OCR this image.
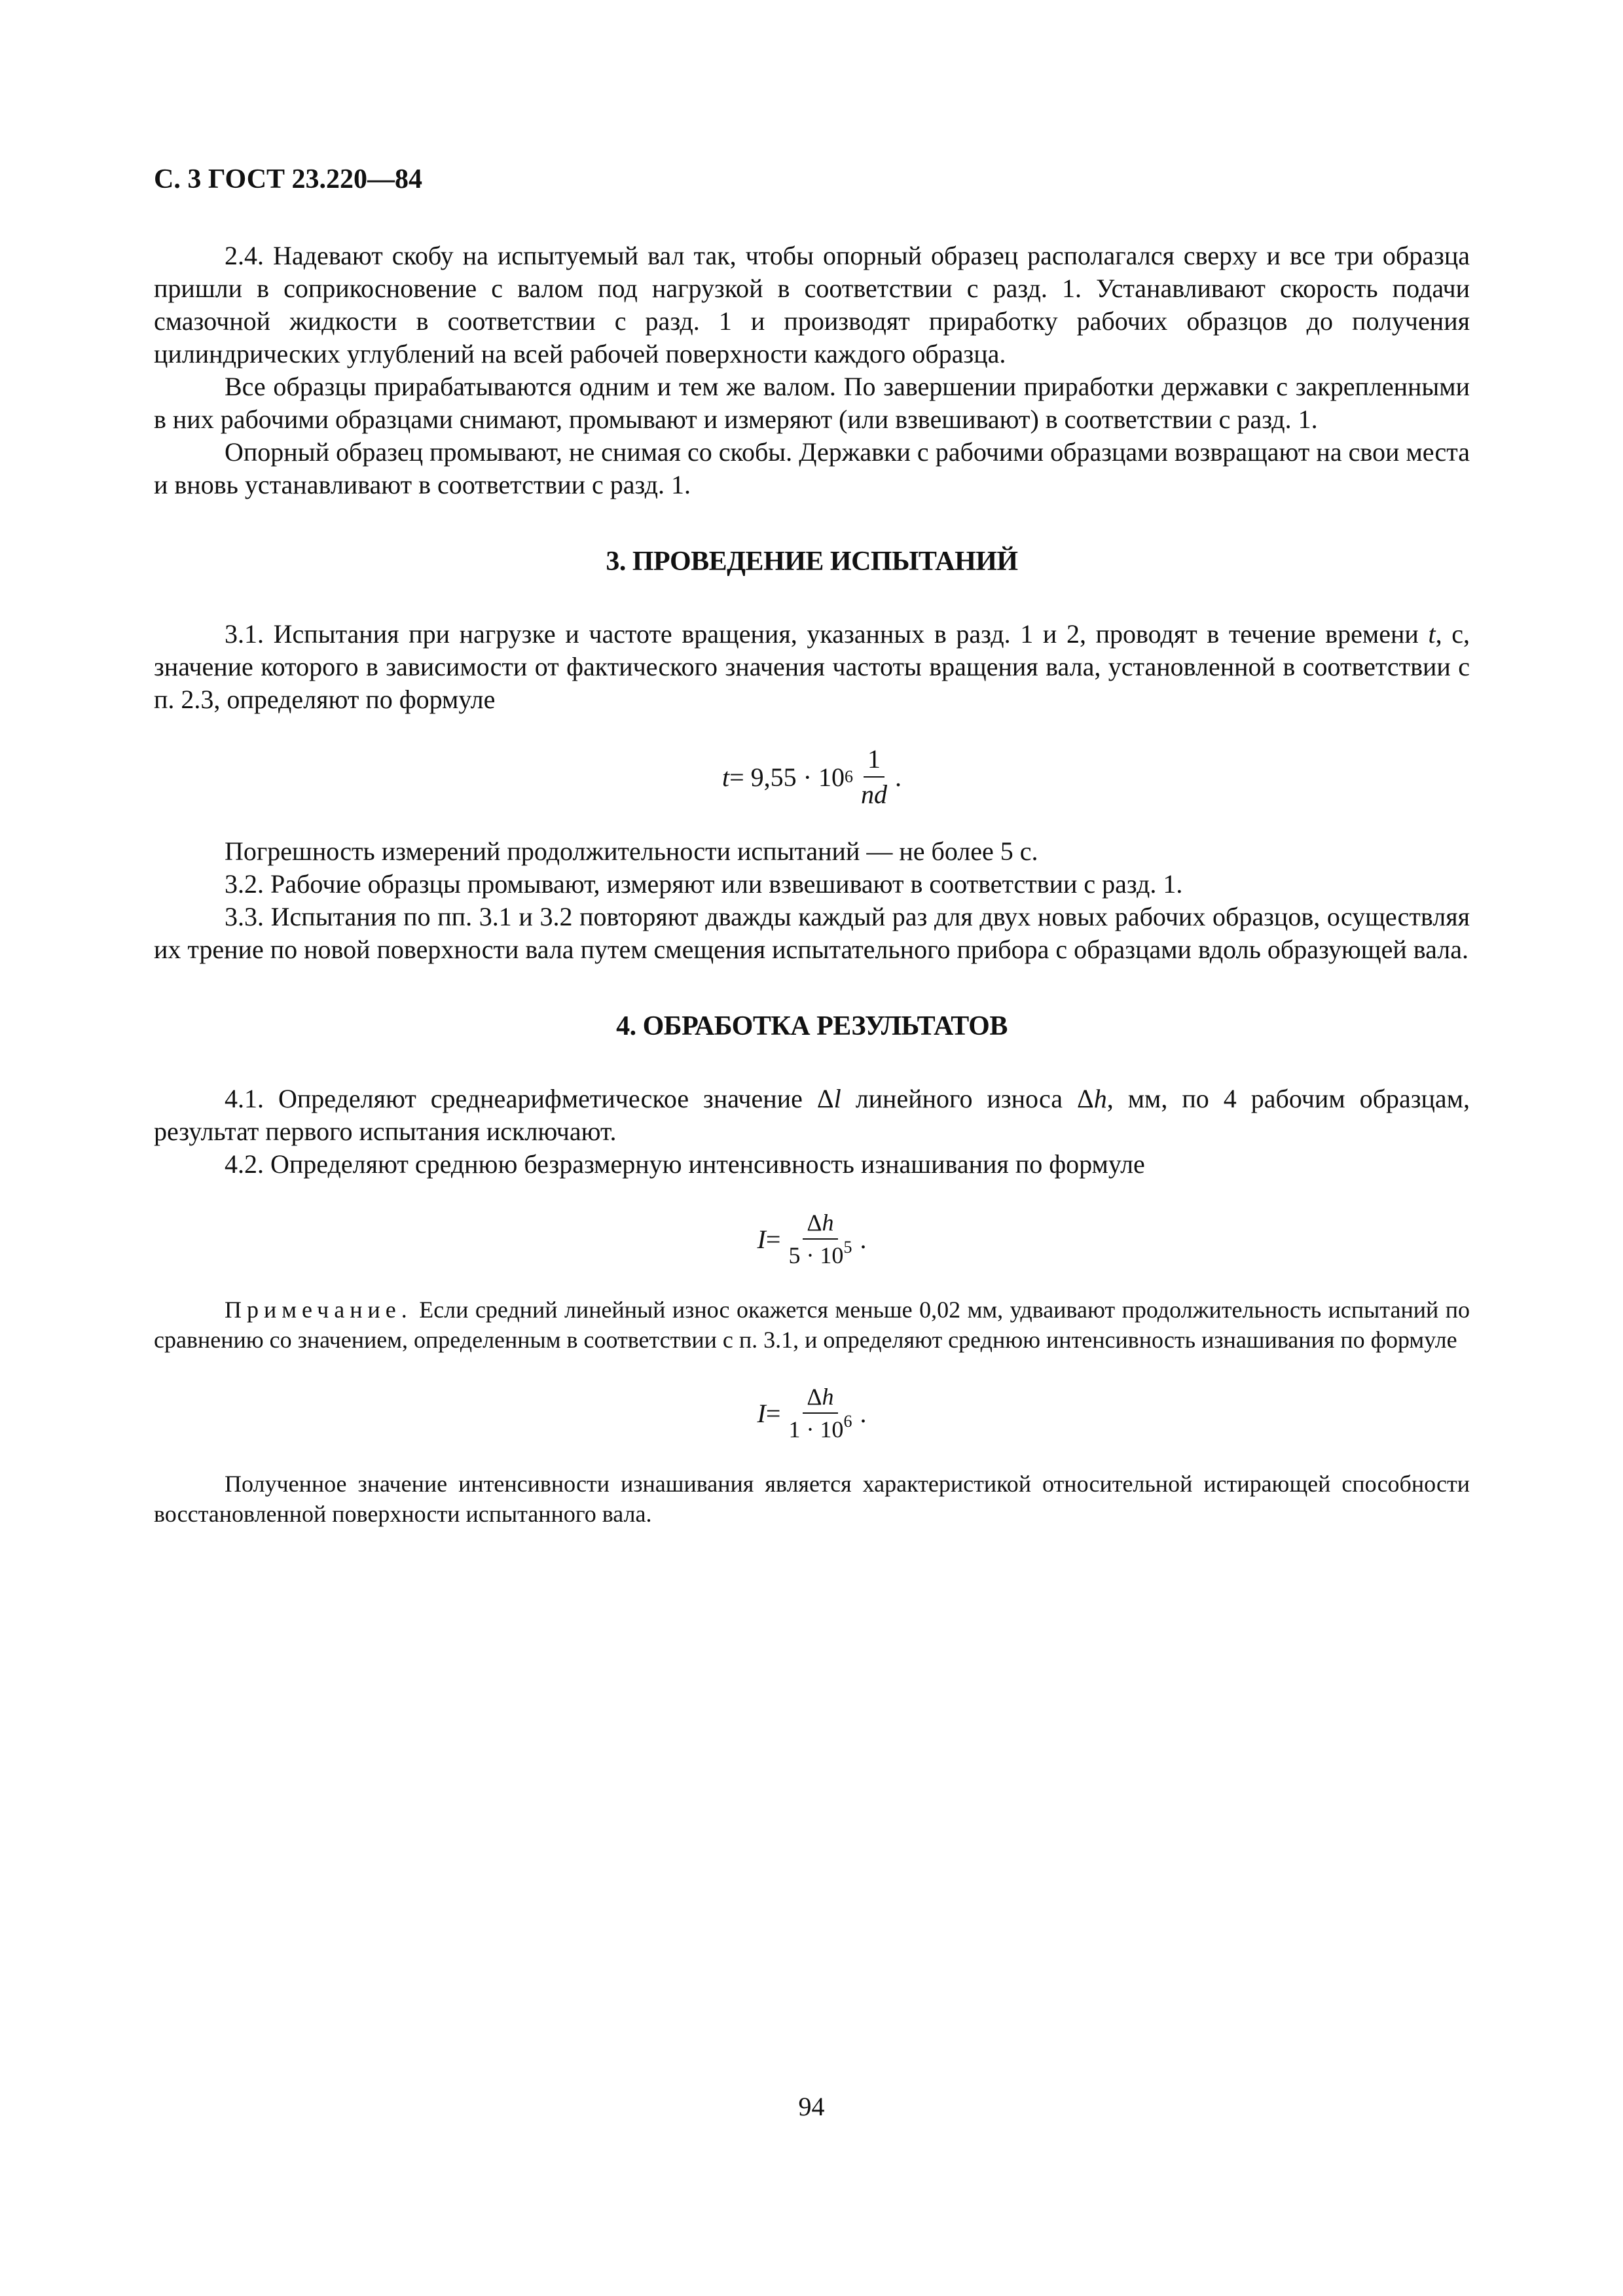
С. 3 ГОСТ 23.220—84

2.4. Надевают скобу на испытуемый вал так, чтобы опорный образец располагался сверху и все три образца пришли в соприкосновение с валом под нагрузкой в соответствии с разд. 1. Устанавливают скорость подачи смазочной жидкости в соответствии с разд. 1 и производят приработку рабочих образцов до получения цилиндрических углублений на всей рабочей поверхности каждого образца.

Все образцы прирабатываются одним и тем же валом. По завершении приработки державки с закрепленными в них рабочими образцами снимают, промывают и измеряют (или взвешивают) в соответствии с разд. 1.

Опорный образец промывают, не снимая со скобы. Державки с рабочими образцами возвращают на свои места и вновь устанавливают в соответствии с разд. 1.

3. ПРОВЕДЕНИЕ ИСПЫТАНИЙ

3.1. Испытания при нагрузке и частоте вращения, указанных в разд. 1 и 2, проводят в течение времени t, с, значение которого в зависимости от фактического значения частоты вращения вала, установленной в соответствии с п. 2.3, определяют по формуле

t = 9,55 · 10 $6 \frac{1}{nd}$ .

Погрешность измерений продолжительности испытаний — не более 5 с.

3.2. Рабочие образцы промывают, измеряют или взвешивают в соответствии с разд. 1.

3.3. Испытания по пп. 3.1 и 3.2 повторяют дважды каждый раз для двух новых рабочих образцов, осуществляя их трение по новой поверхности вала путем смещения испытательного прибора с образцами вдоль образующей вала.

4. ОБРАБОТКА РЕЗУЛЬТАТОВ

4.1. Определяют среднеарифметическое значение Δl линейного износа Δh, мм, по 4 рабочим образцам, результат первого испытания исключают.

4.2. Определяют среднюю безразмерную интенсивность изнашивания по формуле

$I = \frac{\Delta h}{5 \cdot 10^5}$ .

Примечание. Если средний линейный износ окажется меньше 0,02 мм, удваивают продолжительность испытаний по сравнению со значением, определенным в соответствии с п. 3.1, и определяют среднюю интенсивность изнашивания по формуле

$I = \frac{\Delta h}{1 \cdot 10^6}$ .

Полученное значение интенсивности изнашивания является характеристикой относительной истирающей способности восстановленной поверхности испытанного вала.

94
